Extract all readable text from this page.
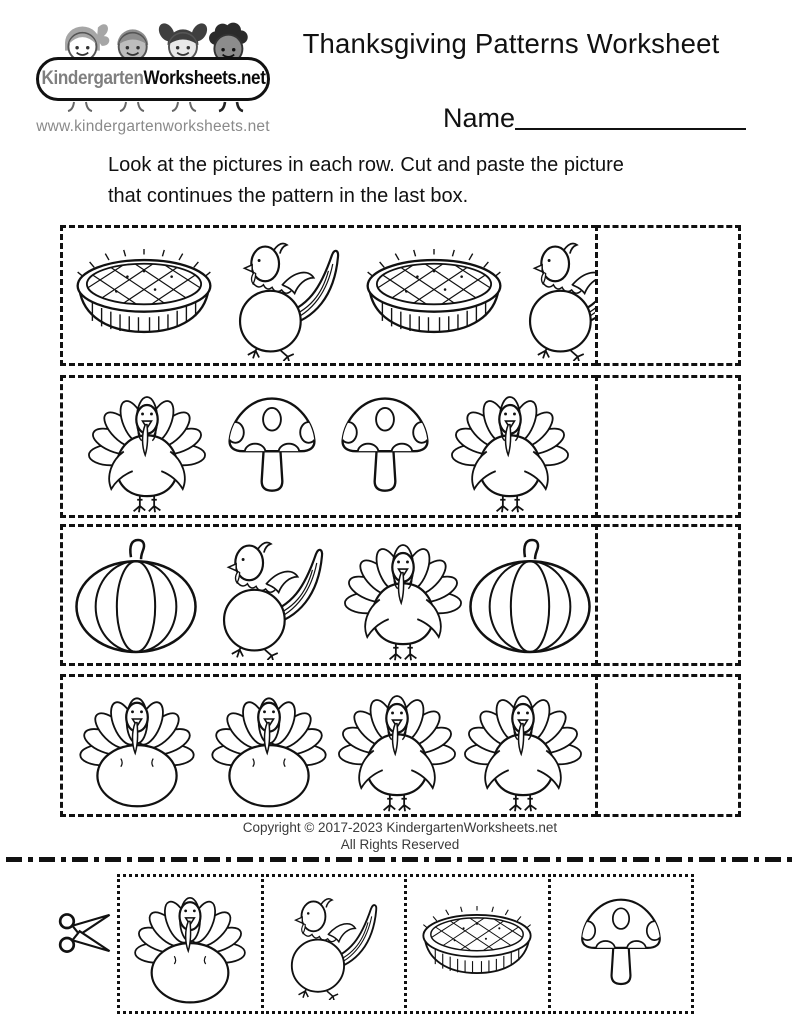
KindergartenWorksheets.net
www.kindergartenworksheets.net
Thanksgiving Patterns Worksheet
Name

Look at the pictures in each row. Cut and paste the picture
that continues the pattern in the last box.

Copyright © 2017-2023 KindergartenWorksheets.net
All Rights Reserved
